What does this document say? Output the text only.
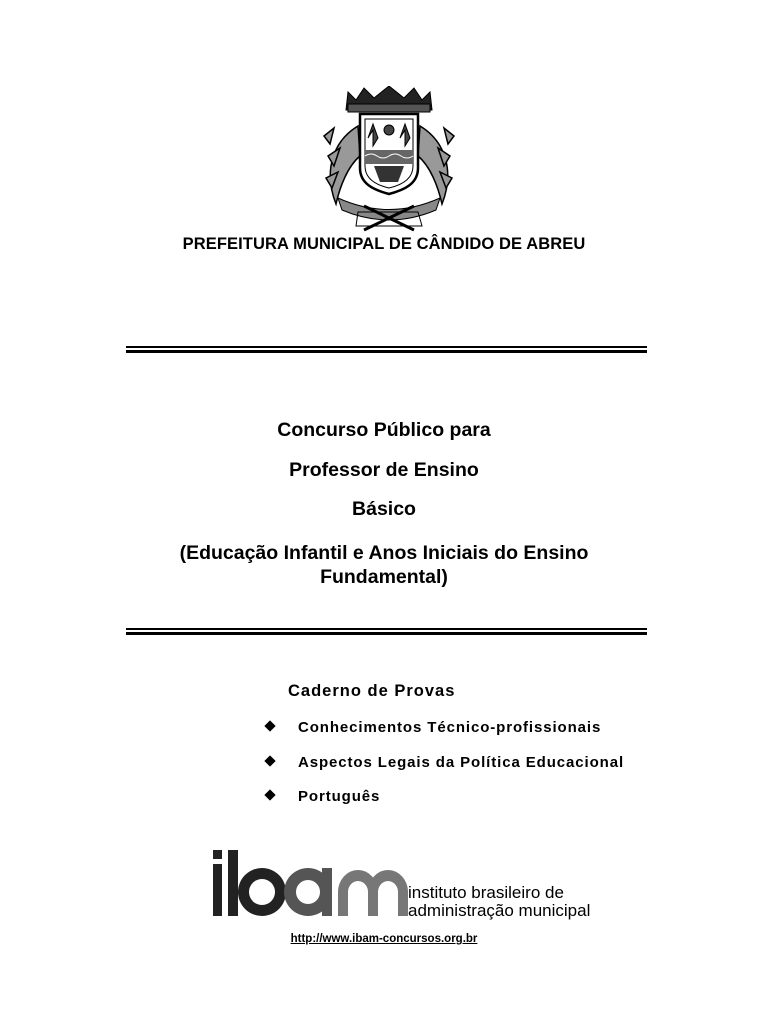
PREFEITURA MUNICIPAL DE CÂNDIDO DE ABREU
Concurso Público para
Professor de Ensino
Básico
(Educação Infantil e Anos Iniciais do Ensino Fundamental)
Caderno de Provas
Conhecimentos Técnico-profissionais
Aspectos Legais da Política Educacional
Português
instituto brasileiro de
administração municipal
http://www.ibam-concursos.org.br
